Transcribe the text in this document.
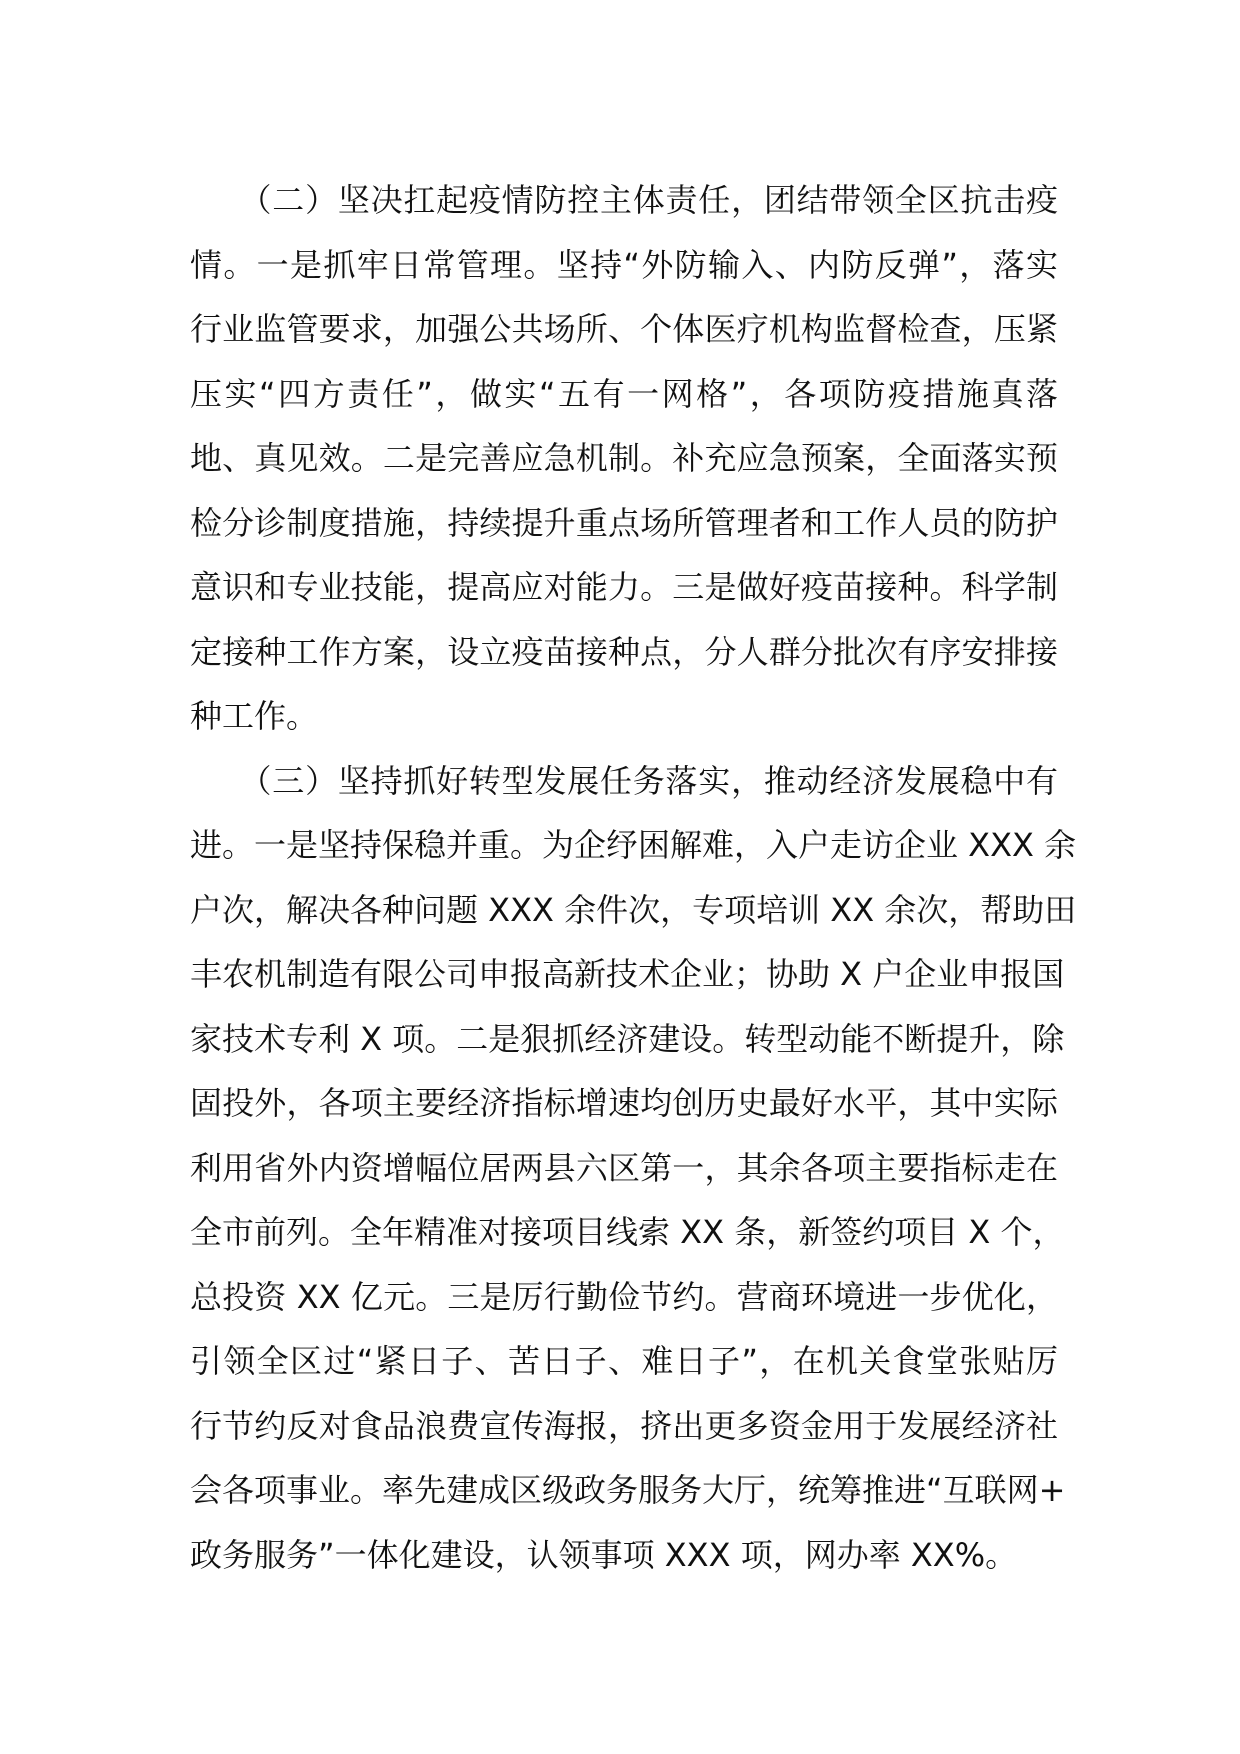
　　（二）坚决扛起疫情防控主体责任，团结带领全区抗击疫
情。一是抓牢日常管理。坚持“外防输入、内防反弹”，落实
行业监管要求，加强公共场所、个体医疗机构监督检查，压紧
压实“四方责任”，做实“五有一网格”，各项防疫措施真落
地、真见效。二是完善应急机制。补充应急预案，全面落实预
检分诊制度措施，持续提升重点场所管理者和工作人员的防护
意识和专业技能，提高应对能力。三是做好疫苗接种。科学制
定接种工作方案，设立疫苗接种点，分人群分批次有序安排接
种工作。
　　（三）坚持抓好转型发展任务落实，推动经济发展稳中有
进。一是坚持保稳并重。为企纾困解难，入户走访企业 XXX 余
户次，解决各种问题 XXX 余件次，专项培训 XX 余次，帮助田
丰农机制造有限公司申报高新技术企业；协助 X 户企业申报国
家技术专利 X 项。二是狠抓经济建设。转型动能不断提升，除
固投外，各项主要经济指标增速均创历史最好水平，其中实际
利用省外内资增幅位居两县六区第一，其余各项主要指标走在
全市前列。全年精准对接项目线索 XX 条，新签约项目 X 个，
总投资 XX 亿元。三是厉行勤俭节约。营商环境进一步优化，
引领全区过“紧日子、苦日子、难日子”，在机关食堂张贴厉
行节约反对食品浪费宣传海报，挤出更多资金用于发展经济社
会各项事业。率先建成区级政务服务大厅，统筹推进“互联网+
政务服务”一体化建设，认领事项 XXX 项，网办率 XX%。
